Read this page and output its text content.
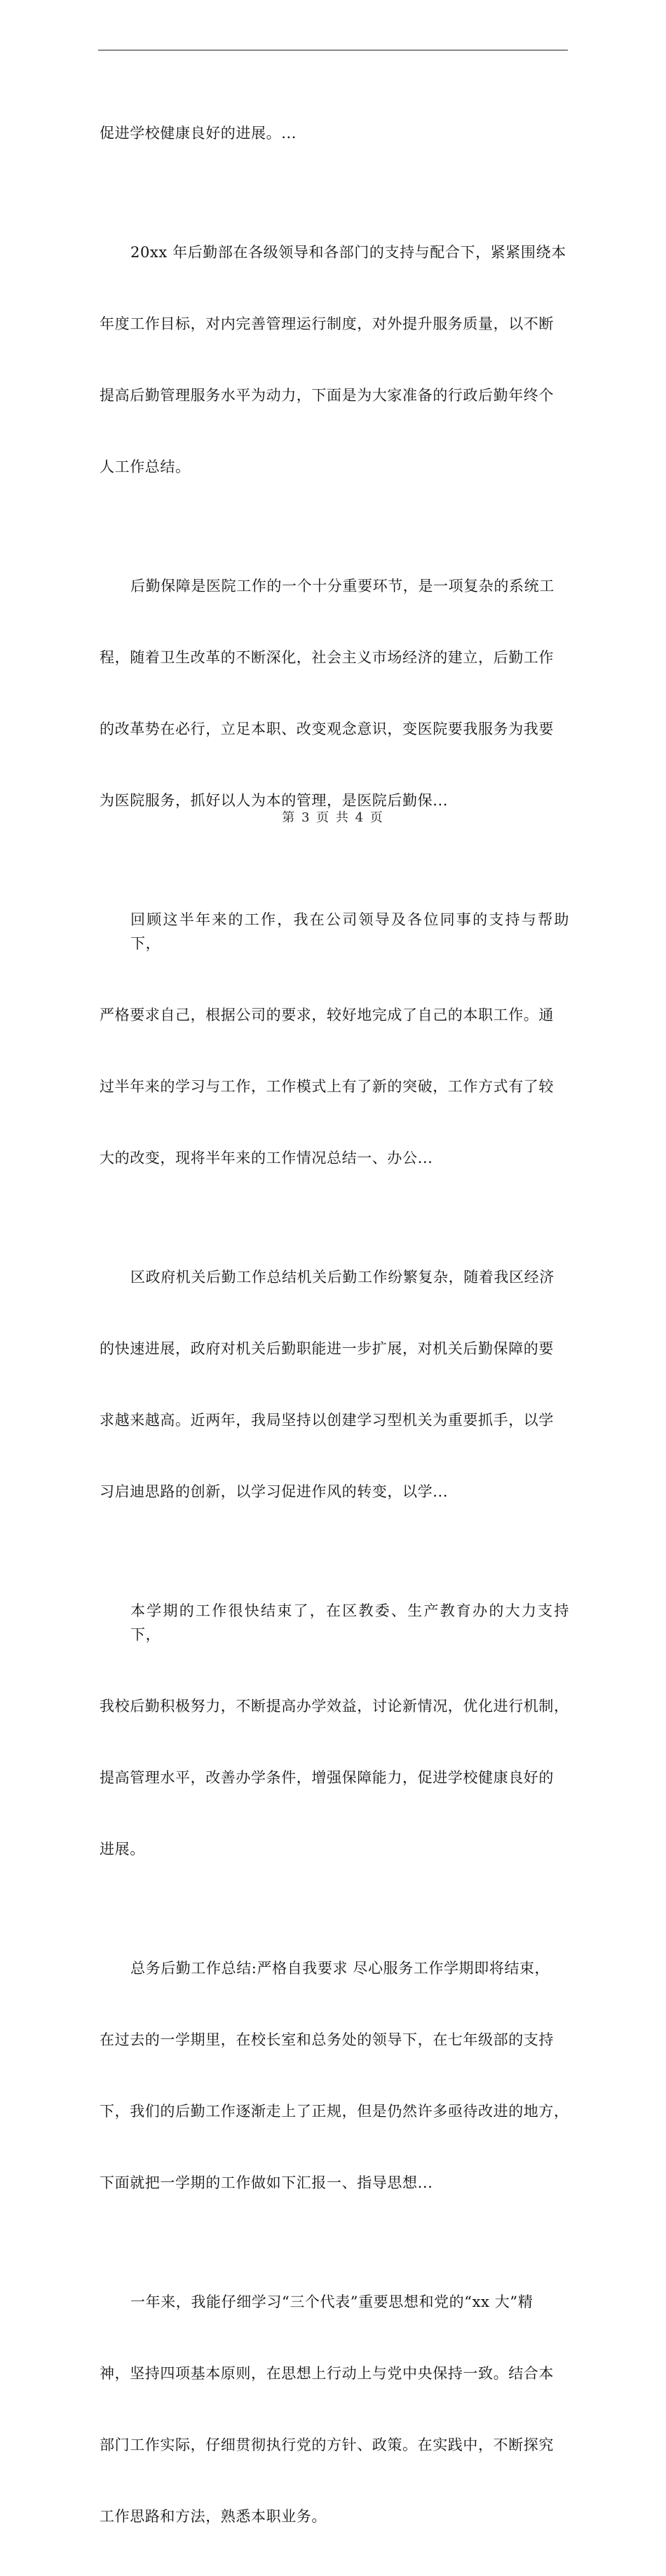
促进学校健康良好的进展。...

20xx 年后勤部在各级领导和各部门的支持与配合下，紧紧围绕本

年度工作目标，对内完善管理运行制度，对外提升服务质量，以不断

提高后勤管理服务水平为动力，下面是为大家准备的行政后勤年终个

人工作总结。

后勤保障是医院工作的一个十分重要环节，是一项复杂的系统工

程，随着卫生改革的不断深化，社会主义市场经济的建立，后勤工作

的改革势在必行，立足本职、改变观念意识，变医院要我服务为我要

为医院服务，抓好以人为本的管理，是医院后勤保...

回顾这半年来的工作，我在公司领导及各位同事的支持与帮助下，

严格要求自己，根据公司的要求，较好地完成了自己的本职工作。通

过半年来的学习与工作，工作模式上有了新的突破，工作方式有了较

大的改变，现将半年来的工作情况总结一、办公...

区政府机关后勤工作总结机关后勤工作纷繁复杂，随着我区经济

的快速进展，政府对机关后勤职能进一步扩展，对机关后勤保障的要

求越来越高。近两年，我局坚持以创建学习型机关为重要抓手，以学

习启迪思路的创新，以学习促进作风的转变，以学...

本学期的工作很快结束了，在区教委、生产教育办的大力支持下，

我校后勤积极努力，不断提高办学效益，讨论新情况，优化进行机制，

提高管理水平，改善办学条件，增强保障能力，促进学校健康良好的

进展。

总务后勤工作总结:严格自我要求 尽心服务工作学期即将结束，

在过去的一学期里，在校长室和总务处的领导下，在七年级部的支持

下，我们的后勤工作逐渐走上了正规，但是仍然许多亟待改进的地方，

下面就把一学期的工作做如下汇报一、指导思想...

一年来，我能仔细学习“三个代表”重要思想和党的“xx 大”精

神，坚持四项基本原则，在思想上行动上与党中央保持一致。结合本

部门工作实际，仔细贯彻执行党的方针、政策。在实践中，不断探究

工作思路和方法，熟悉本职业务。

第 3 页 共 4 页
